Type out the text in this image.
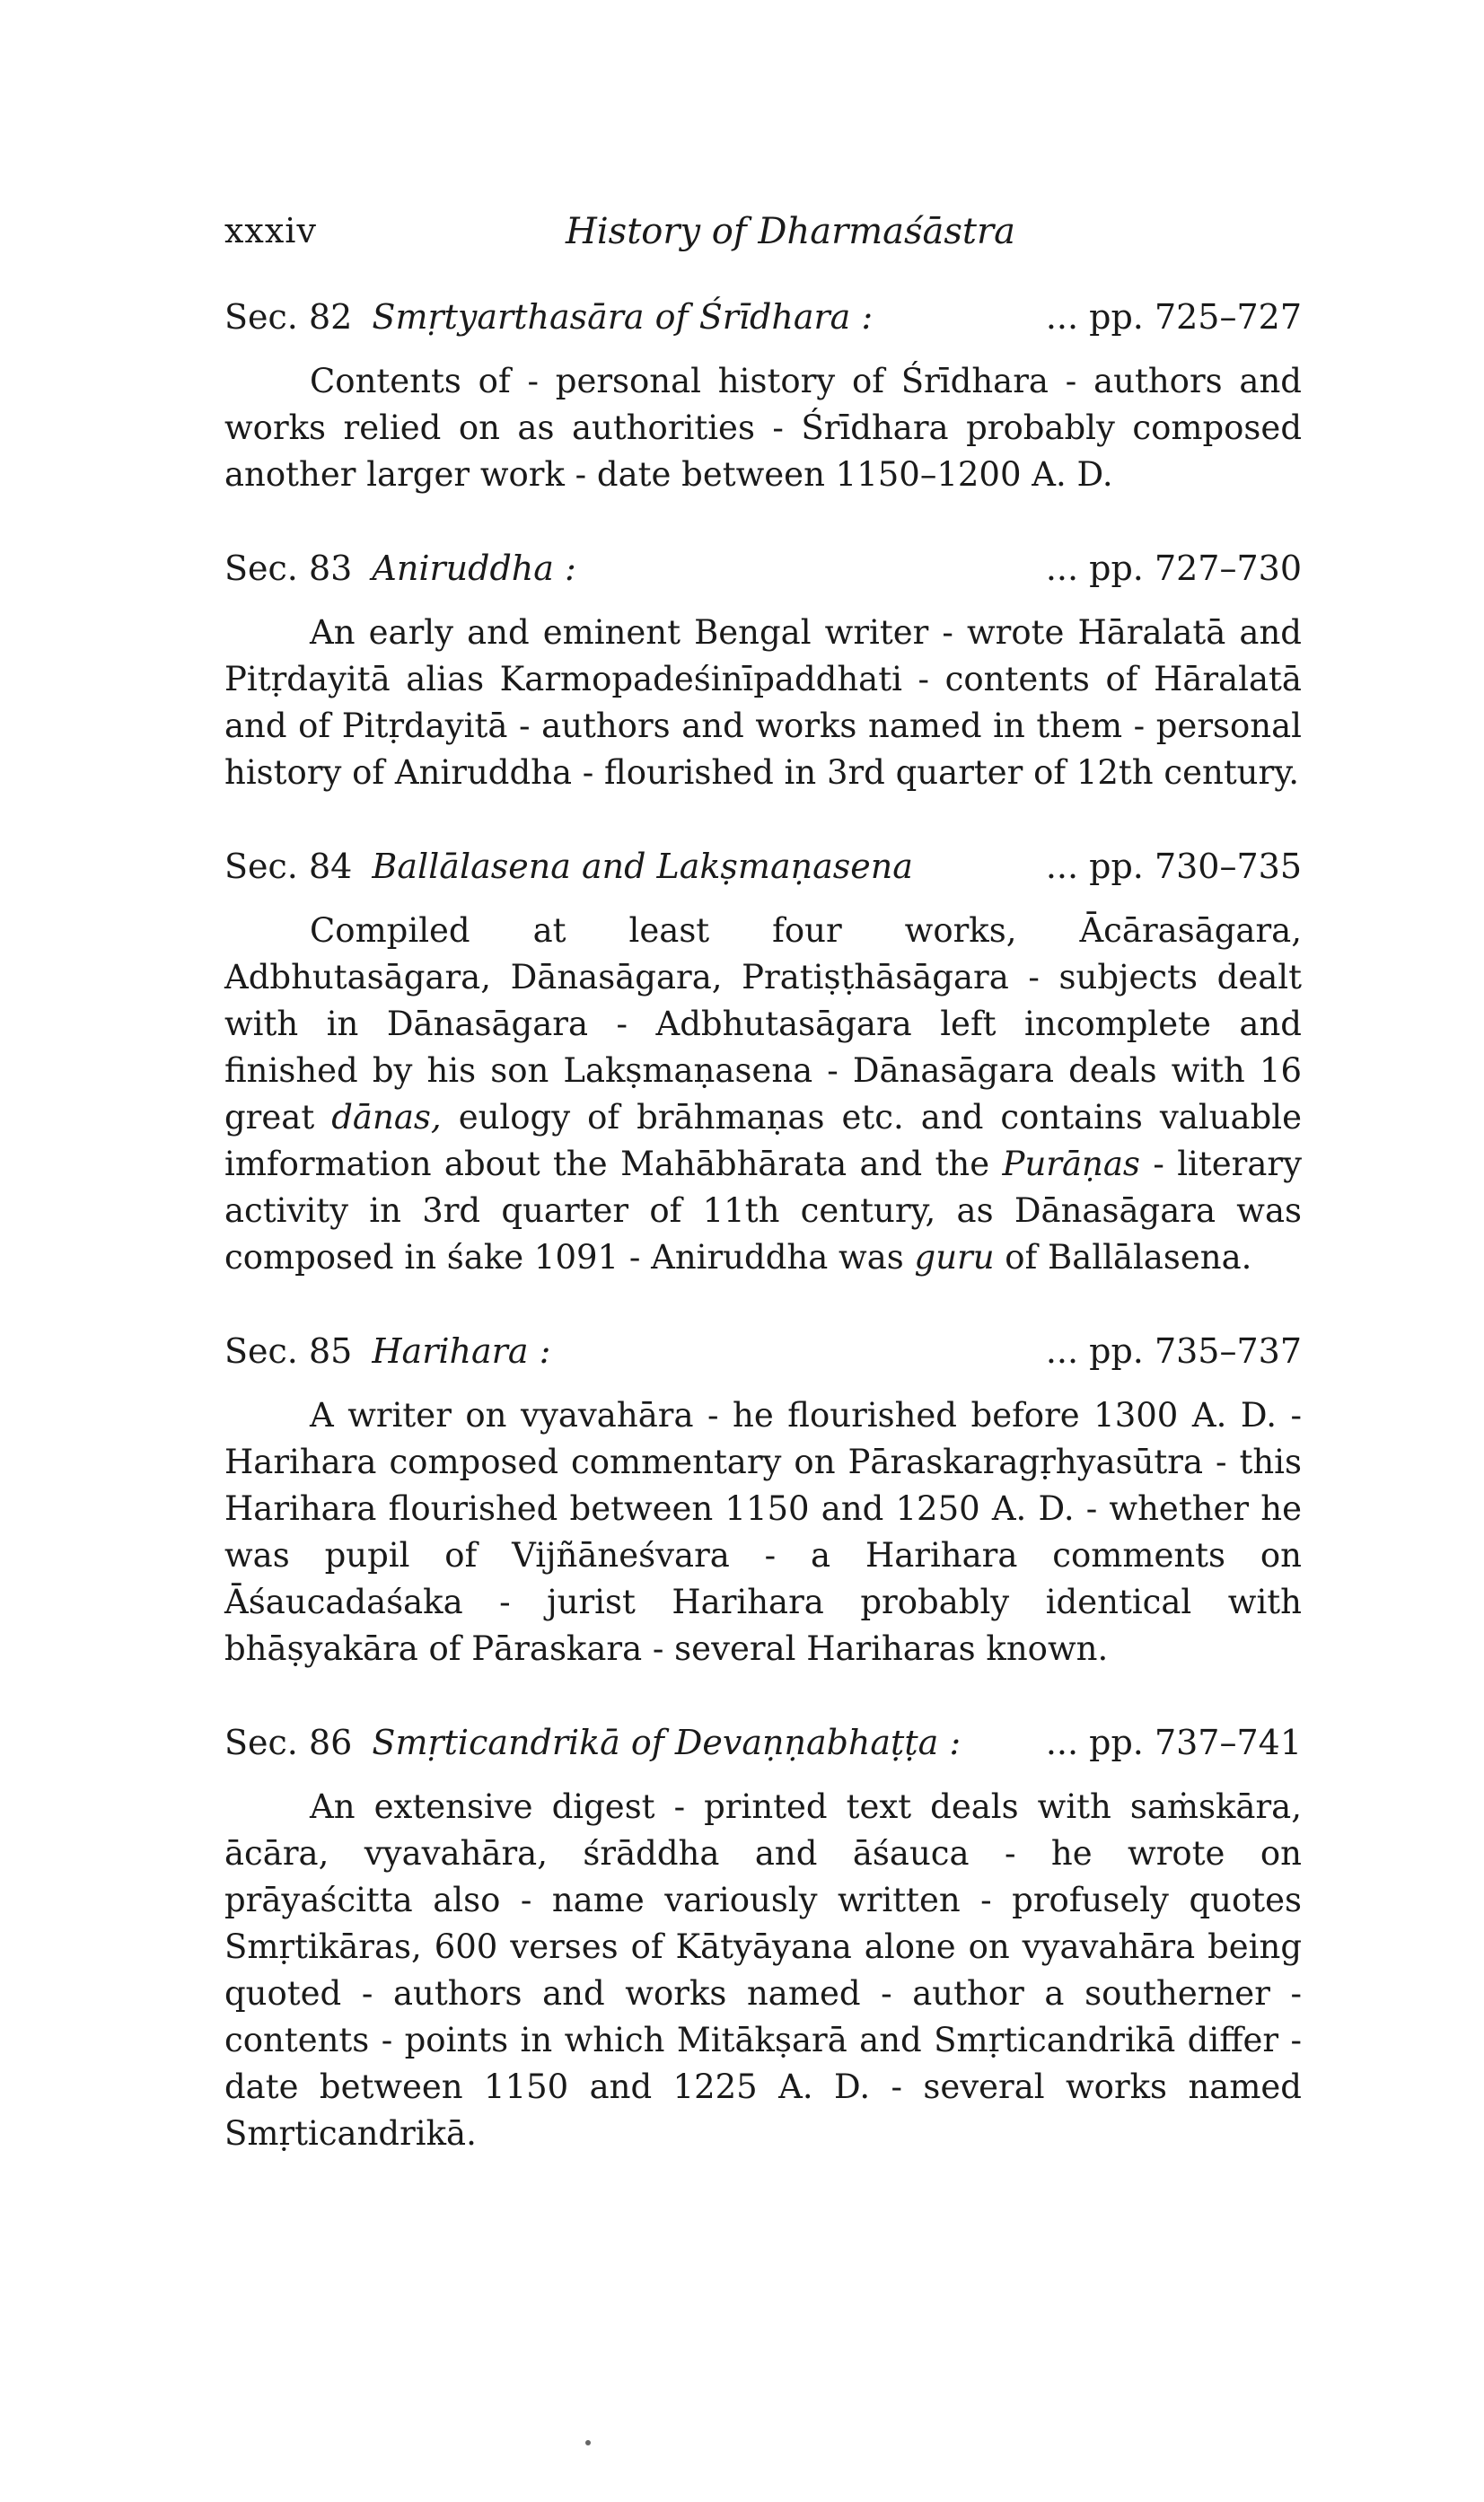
xxxiv	History of Dharmaśāstra
Sec. 82 Smṛtyarthasāra of Śrīdhara :	... pp. 725–727

Contents of - personal history of Śrīdhara - authors and works relied on as authorities - Śrīdhara probably composed another larger work - date between 1150–1200 A. D.

Sec. 83 Aniruddha :	... pp. 727–730

An early and eminent Bengal writer - wrote Hāralatā and Pitṛdayitā alias Karmopadeśinīpaddhati - contents of Hāralatā and of Pitṛdayitā - authors and works named in them - personal history of Aniruddha - flourished in 3rd quarter of 12th century.

Sec. 84 Ballālasena and Lakṣmaṇasena	... pp. 730–735

Compiled at least four works, Ācārasāgara, Adbhutasāgara, Dānasāgara, Pratiṣṭhāsāgara - subjects dealt with in Dānasāgara - Adbhutasāgara left incomplete and finished by his son Lakṣmaṇasena - Dānasāgara deals with 16 great dānas, eulogy of brāhmaṇas etc. and contains valuable imformation about the Mahābhārata and the Purāṇas - literary activity in 3rd quarter of 11th century, as Dānasāgara was composed in śake 1091 - Aniruddha was guru of Ballālasena.

Sec. 85 Harihara :	... pp. 735–737

A writer on vyavahāra - he flourished before 1300 A. D. - Harihara composed commentary on Pāraskaragṛhyasūtra - this Harihara flourished between 1150 and 1250 A. D. - whether he was pupil of Vijñāneśvara - a Harihara comments on Āśaucadaśaka - jurist Harihara probably identical with bhāṣyakāra of Pāraskara - several Hariharas known.

Sec. 86 Smṛticandrikā of Devaṇṇabhaṭṭa : ... pp. 737–741

An extensive digest - printed text deals with saṁskāra, ācāra, vyavahāra, śrāddha and āśauca - he wrote on prāyaścitta also - name variously written - profusely quotes Smṛtikāras, 600 verses of Kātyāyana alone on vyavahāra being quoted - authors and works named - author a southerner - contents - points in which Mitākṣarā and Smṛticandrikā differ - date between 1150 and 1225 A. D. - several works named Smṛticandrikā.
